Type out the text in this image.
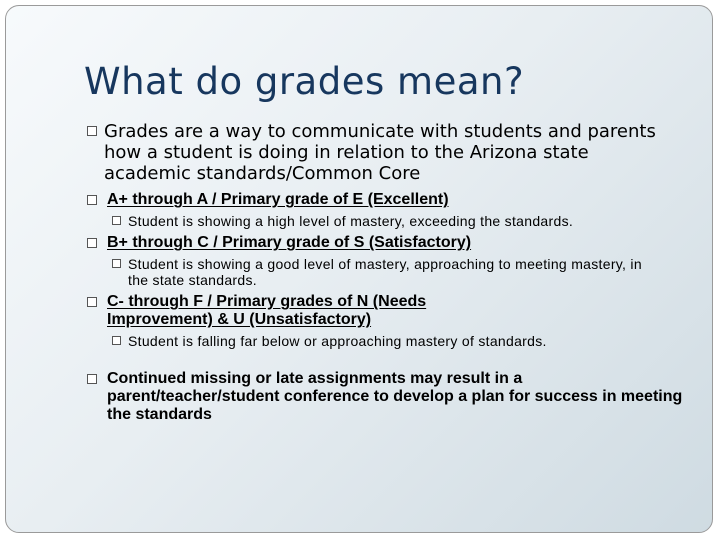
What do grades mean?
Grades are a way to communicate with students and parents how a student is doing in relation to the Arizona state academic standards/Common Core
A+ through A / Primary grade of E (Excellent)
Student is showing a high level of mastery, exceeding the standards.
B+ through C / Primary grade of S (Satisfactory)
Student is showing a good level of mastery, approaching to meeting mastery, in the state standards.
C- through F / Primary grades of N (Needs Improvement) & U (Unsatisfactory)
Student is falling far below or approaching mastery of standards.
Continued missing or late assignments may result in a parent/teacher/student conference to develop a plan for success in meeting the standards
